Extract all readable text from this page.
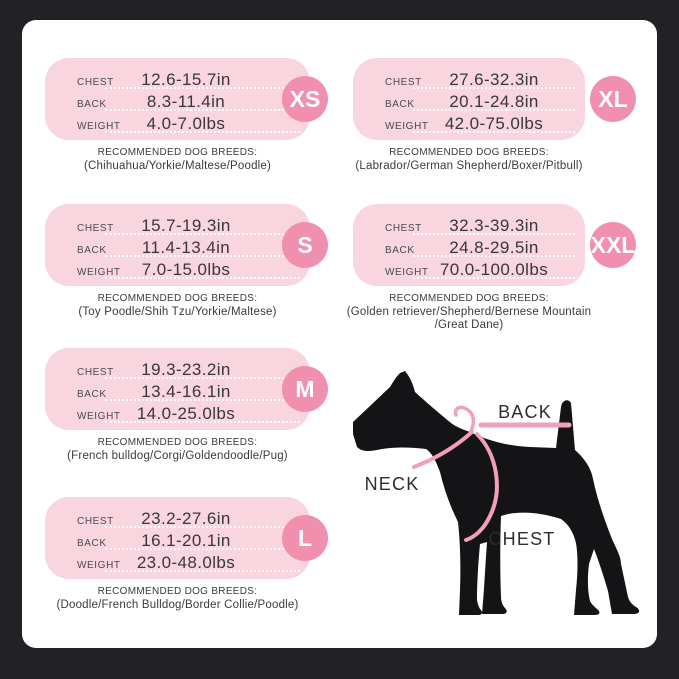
CHEST	12.6-15.7in
BACK	8.3-11.4in
WEIGHT	4.0-7.0lbs
XS
RECOMMENDED DOG BREEDS:
(Chihuahua/Yorkie/Maltese/Poodle)
CHEST	15.7-19.3in
BACK	11.4-13.4in
WEIGHT	7.0-15.0lbs
S
RECOMMENDED DOG BREEDS:
(Toy Poodle/Shih Tzu/Yorkie/Maltese)
CHEST	19.3-23.2in
BACK	13.4-16.1in
WEIGHT 14.0-25.0lbs
M
RECOMMENDED DOG BREEDS:
(French bulldog/Corgi/Goldendoodle/Pug)
CHEST	23.2-27.6in
BACK	16.1-20.1in
WEIGHT 23.0-48.0lbs
L
RECOMMENDED DOG BREEDS:
(Doodle/French Bulldog/Border Collie/Poodle)
CHEST	27.6-32.3in
BACK	20.1-24.8in
WEIGHT 42.0-75.0lbs
XL
RECOMMENDED DOG BREEDS:
(Labrador/German Shepherd/Boxer/Pitbull)
CHEST	32.3-39.3in
BACK	24.8-29.5in
WEIGHT 70.0-100.0lbs
XXL
RECOMMENDED DOG BREEDS:
(Golden retriever/Shepherd/Bernese Mountain
/Great Dane)
BACK
NECK
CHEST
